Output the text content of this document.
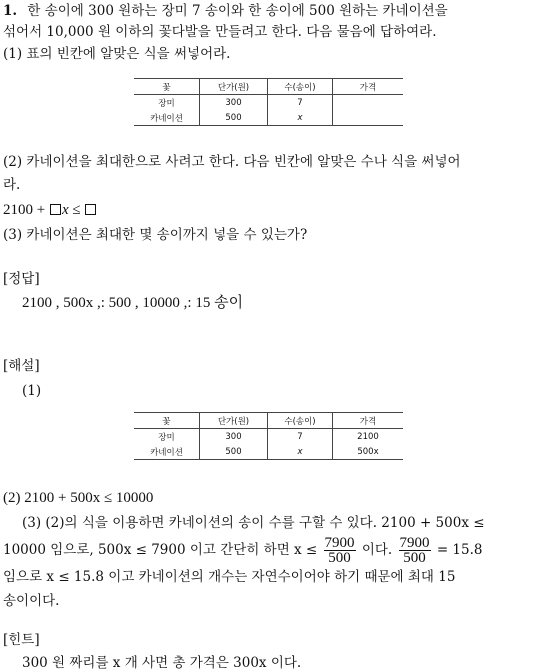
1. 한 송이에 300 원하는 장미 7 송이와 한 송이에 500 원하는 카네이션을
섞어서 10,000 원 이하의 꽃다발을 만들려고 한다. 다음 물음에 답하여라.
(1) 표의 빈칸에 알맞은 식을 써넣어라.
꽃	단가(원)	수(송이)	가격
장미	300	7	
카네이션	500	x	
(2) 카네이션을 최대한으로 사려고 한다. 다음 빈칸에 알맞은 수나 식을 써넣어
라.
2100 + x ≤
(3) 카네이션은 최대한 몇 송이까지 넣을 수 있는가?
[정답]
2100 , 500x ,: 500 , 10000 ,: 15 송이
[해설]
(1)
꽃	단가(원)	수(송이)	가격
장미	300	7	2100
카네이션	500	x	500x
(2) 2100 + 500x ≤ 10000
(3) (2)의 식을 이용하면 카네이션의 송이 수를 구할 수 있다. 2100 + 500x ≤
10000 임으로, 500x ≤ 7900 이고 간단히 하면 $x \le \frac{7900}{500}$ 이다. $\frac{7900}{500} = 15.8$
임으로 x ≤ 15.8 이고 카네이션의 개수는 자연수이어야 하기 때문에 최대 15
송이이다.
[힌트]
300 원 짜리를 x 개 사면 총 가격은 300x 이다.
